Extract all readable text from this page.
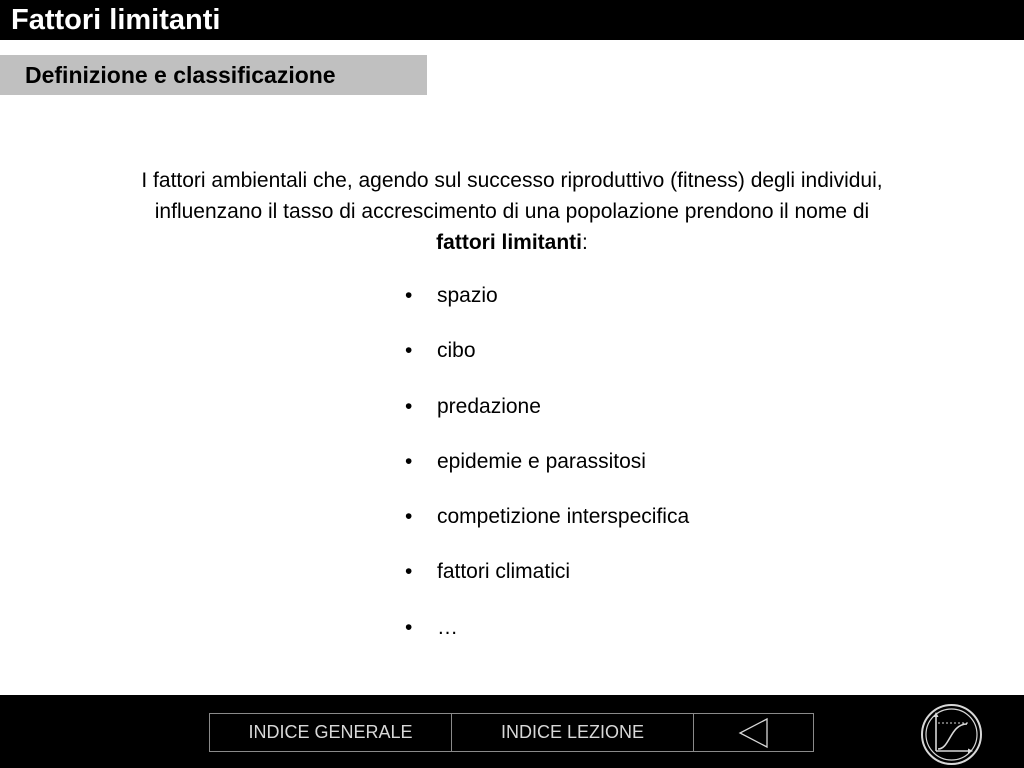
Fattori limitanti
Definizione e classificazione
I fattori ambientali che, agendo sul successo riproduttivo (fitness) degli individui,
influenzano il tasso di accrescimento di una popolazione prendono il nome di
fattori limitanti:
• spazio
• cibo
• predazione
• epidemie e parassitosi
• competizione interspecifica
• fattori climatici
• …
INDICE GENERALE	INDICE LEZIONE
